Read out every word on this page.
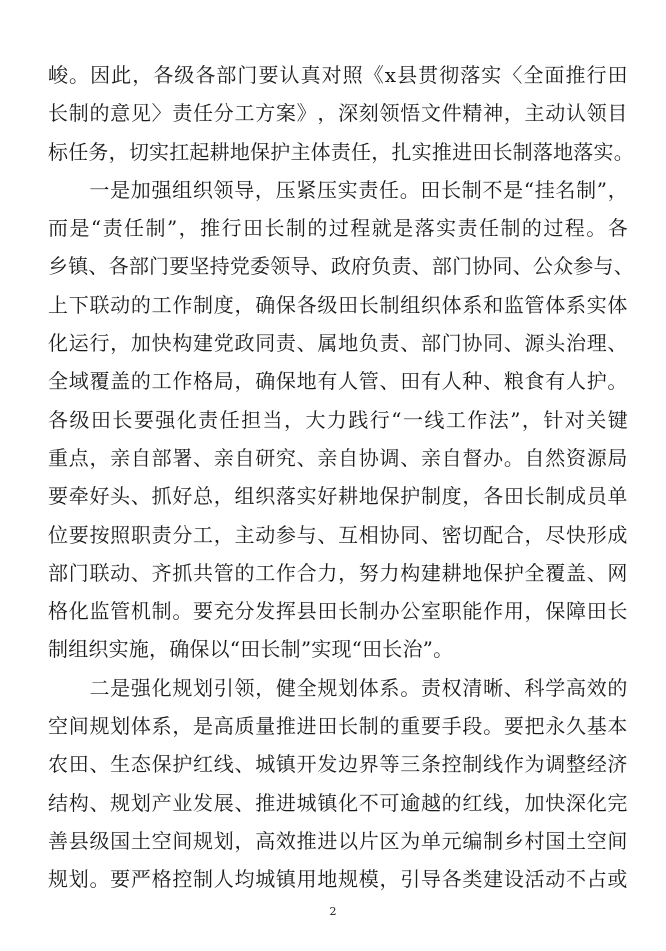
峻 。 因 此 ， 各 级 各 部 门 要 认 真 对 照 《 x 县 贯 彻 落 实 〈 全 面 推 行 田
长 制 的 意 见 〉 责 任 分 工 方 案 》 ， 深 刻 领 悟 文 件 精 神 ， 主 动 认 领 目
标 任 务 ， 切 实 扛 起 耕 地 保 护 主 体 责 任 ， 扎 实 推 进 田 长 制 落 地 落 实 。

一 是 加 强 组 织 领 导 ， 压 紧 压 实 责 任 。 田 长 制 不 是 “ 挂 名 制 ” ，
而 是 “ 责 任 制 ” ， 推 行 田 长 制 的 过 程 就 是 落 实 责 任 制 的 过 程 。 各
乡 镇 、 各 部 门 要 坚 持 党 委 领 导 、 政 府 负 责 、 部 门 协 同 、 公 众 参 与 、
上 下 联 动 的 工 作 制 度 ， 确 保 各 级 田 长 制 组 织 体 系 和 监 管 体 系 实 体
化 运 行 ， 加 快 构 建 党 政 同 责 、 属 地 负 责 、 部 门 协 同 、 源 头 治 理 、
全 域 覆 盖 的 工 作 格 局 ， 确 保 地 有 人 管 、 田 有 人 种 、 粮 食 有 人 护 。
各 级 田 长 要 强 化 责 任 担 当 ， 大 力 践 行 “ 一 线 工 作 法 ” ， 针 对 关 键
重 点 ， 亲 自 部 署 、 亲 自 研 究 、 亲 自 协 调 、 亲 自 督 办 。 自 然 资 源 局
要 牵 好 头 、 抓 好 总 ， 组 织 落 实 好 耕 地 保 护 制 度 ， 各 田 长 制 成 员 单
位 要 按 照 职 责 分 工 ， 主 动 参 与 、 互 相 协 同 、 密 切 配 合 ， 尽 快 形 成
部 门 联 动 、 齐 抓 共 管 的 工 作 合 力 ， 努 力 构 建 耕 地 保 护 全 覆 盖 、 网
格 化 监 管 机 制 。 要 充 分 发 挥 县 田 长 制 办 公 室 职 能 作 用 ， 保 障 田 长
制组织实施，确保以“田长制”实现“田长治”。

二 是 强 化 规 划 引 领 ， 健 全 规 划 体 系 。 责 权 清 晰 、 科 学 高 效 的
空 间 规 划 体 系 ， 是 高 质 量 推 进 田 长 制 的 重 要 手 段 。 要 把 永 久 基 本
农 田 、 生 态 保 护 红 线 、 城 镇 开 发 边 界 等 三 条 控 制 线 作 为 调 整 经 济
结 构 、 规 划 产 业 发 展 、 推 进 城 镇 化 不 可 逾 越 的 红 线 ， 加 快 深 化 完
善 县 级 国 土 空 间 规 划 ， 高 效 推 进 以 片 区 为 单 元 编 制 乡 村 国 土 空 间
规 划 。 要 严 格 控 制 人 均 城 镇 用 地 规 模 ， 引 导 各 类 建 设 活 动 不 占 或
2
